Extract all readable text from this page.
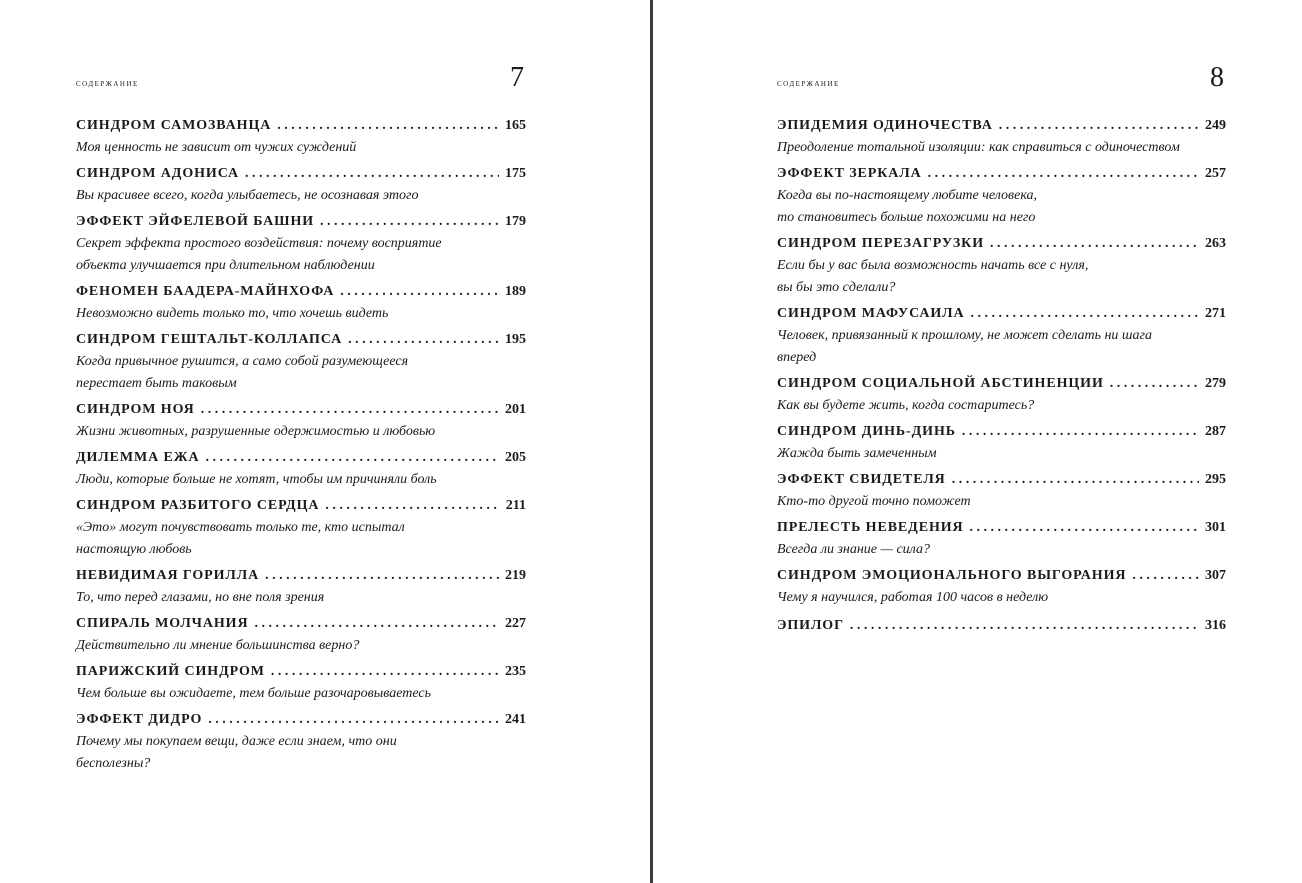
содержание	7
СИНДРОМ САМОЗВАНЦА . . .	165

Моя ценность не зависит от чужих суждений

СИНДРОМ АДОНИСА . . .	175

Вы красивее всего, когда улыбаетесь, не осознавая этого

ЭФФЕКТ ЭЙФЕЛЕВОЙ БАШНИ . . .	179

Секрет эффекта простого воздействия: почему восприятие

объекта улучшается при длительном наблюдении

ФЕНОМЕН БААДЕРА-МАЙНХОФА . . .	189

Невозможно видеть только то, что хочешь видеть

СИНДРОМ ГЕШТАЛЬТ-КОЛЛАПСА . . .	195

Когда привычное рушится, а само собой разумеющееся

перестает быть таковым

СИНДРОМ НОЯ . . .	201

Жизни животных, разрушенные одержимостью и любовью

ДИЛЕММА ЕЖА . . .	205

Люди, которые больше не хотят, чтобы им причиняли боль

СИНДРОМ РАЗБИТОГО СЕРДЦА . . .	211

«Это» могут почувствовать только те, кто испытал

настоящую любовь

НЕВИДИМАЯ ГОРИЛЛА . . .	219

То, что перед глазами, но вне поля зрения

СПИРАЛЬ МОЛЧАНИЯ . . .	227

Действительно ли мнение большинства верно?

ПАРИЖСКИЙ СИНДРОМ . . .	235

Чем больше вы ожидаете, тем больше разочаровываетесь

ЭФФЕКТ ДИДРО . . .	241

Почему мы покупаем вещи, даже если знаем, что они

бесполезны?

содержание	8
ЭПИДЕМИЯ ОДИНОЧЕСТВА . . .	249

Преодоление тотальной изоляции: как справиться с одиночеством

ЭФФЕКТ ЗЕРКАЛА . . .	257

Когда вы по-настоящему любите человека,

то становитесь больше похожими на него

СИНДРОМ ПЕРЕЗАГРУЗКИ . . .	263

Если бы у вас была возможность начать все с нуля,

вы бы это сделали?

СИНДРОМ МАФУСАИЛА . . .	271

Человек, привязанный к прошлому, не может сделать ни шага

вперед

СИНДРОМ СОЦИАЛЬНОЙ АБСТИНЕНЦИИ . . .	279

Как вы будете жить, когда состаритесь?

СИНДРОМ ДИНЬ-ДИНЬ . . .	287

Жажда быть замеченным

ЭФФЕКТ СВИДЕТЕЛЯ . . .	295

Кто-то другой точно поможет

ПРЕЛЕСТЬ НЕВЕДЕНИЯ . . .	301

Всегда ли знание — сила?

СИНДРОМ ЭМОЦИОНАЛЬНОГО ВЫГОРАНИЯ . . .	307

Чему я научился, работая 100 часов в неделю

ЭПИЛОГ . . .	316
